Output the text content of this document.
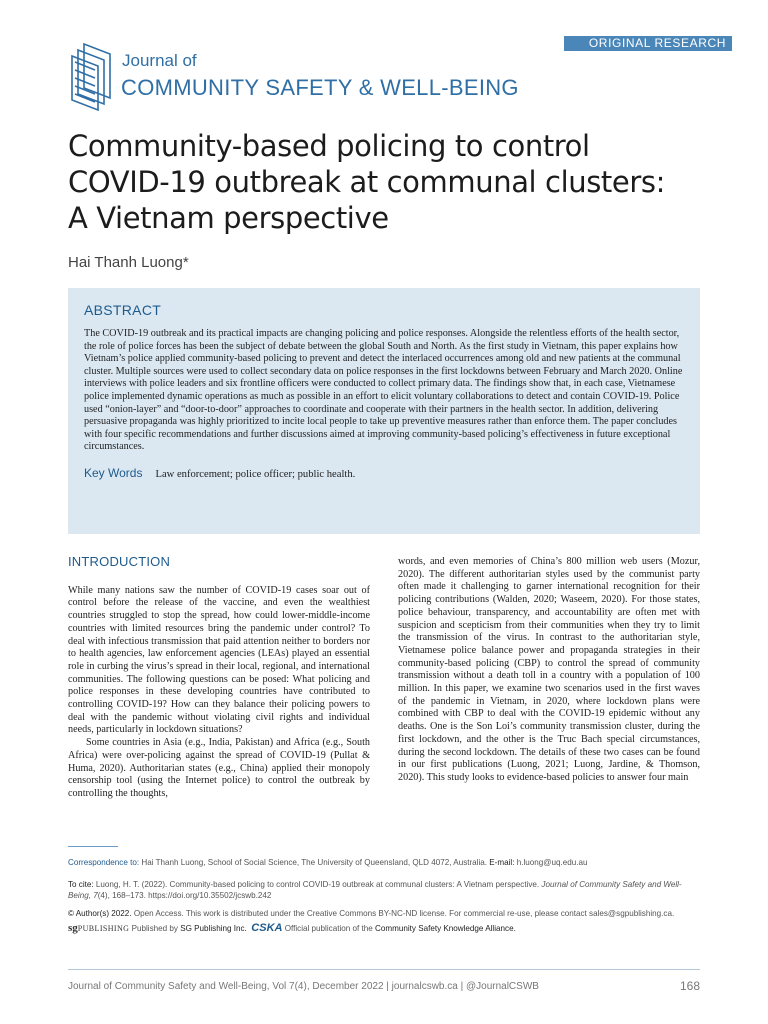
ORIGINAL RESEARCH
Journal of
COMMUNITY SAFETY & WELL-BEING
Community-based policing to control
COVID-19 outbreak at communal clusters:
A Vietnam perspective
Hai Thanh Luong*
ABSTRACT
The COVID-19 outbreak and its practical impacts are changing policing and police responses. Alongside the relentless efforts of the health sector, the role of police forces has been the subject of debate between the global South and North. As the first study in Vietnam, this paper explains how Vietnam’s police applied community-based policing to prevent and detect the interlaced occurrences among old and new patients at the communal cluster. Multiple sources were used to collect secondary data on police responses in the first lockdowns between February and March 2020. Online interviews with police leaders and six frontline officers were conducted to collect primary data. The findings show that, in each case, Vietnamese police implemented dynamic operations as much as possible in an effort to elicit voluntary collaborations to detect and contain COVID-19. Police used “onion-layer” and “door-to-door” approaches to coordinate and cooperate with their partners in the health sector. In addition, delivering persuasive propaganda was highly prioritized to incite local people to take up preventive measures rather than enforce them. The paper concludes with four specific recommendations and further discussions aimed at improving community-based policing’s effectiveness in future exceptional circumstances.
Key Words Law enforcement; police officer; public health.
INTRODUCTION

While many nations saw the number of COVID-19 cases soar out of control before the release of the vaccine, and even the wealthiest countries struggled to stop the spread, how could lower-middle-income countries with limited resources bring the pandemic under control? To deal with infectious transmission that paid attention neither to borders nor to health agencies, law enforcement agencies (LEAs) played an essential role in curbing the virus’s spread in their local, regional, and international communities. The following questions can be posed: What policing and police responses in these developing countries have contributed to controlling COVID-19? How can they balance their policing powers to deal with the pandemic without violating civil rights and individual needs, particularly in lockdown situations?

Some countries in Asia (e.g., India, Pakistan) and Africa (e.g., South Africa) were over-policing against the spread of COVID-19 (Pullat & Huma, 2020). Authoritarian states (e.g., China) applied their monopoly censorship tool (using the Internet police) to control the outbreak by controlling the thoughts,

words, and even memories of China’s 800 million web users (Mozur, 2020). The different authoritarian styles used by the communist party often made it challenging to garner international recognition for their policing contributions (Walden, 2020; Waseem, 2020). For those states, police behaviour, transparency, and accountability are often met with suspicion and scepticism from their communities when they try to limit the transmission of the virus. In contrast to the authoritarian style, Vietnamese police balance power and propaganda strategies in their community-based policing (CBP) to control the spread of community transmission without a death toll in a country with a population of 100 million. In this paper, we examine two scenarios used in the first waves of the pandemic in Vietnam, in 2020, where lockdown plans were combined with CBP to deal with the COVID-19 epidemic without any deaths. One is the Son Loi’s community transmission cluster, during the first lockdown, and the other is the Truc Bach special circumstances, during the second lockdown. The details of these two cases can be found in our first publications (Luong, 2021; Luong, Jardine, & Thomson, 2020). This study looks to evidence-based policies to answer four main

Correspondence to: Hai Thanh Luong, School of Social Science, The University of Queensland, QLD 4072, Australia. E-mail: h.luong@uq.edu.au
To cite: Luong, H. T. (2022). Community-based policing to control COVID-19 outbreak at communal clusters: A Vietnam perspective. Journal of Community Safety and Well-Being, 7(4), 168–173. https://doi.org/10.35502/jcswb.242
© Author(s) 2022. Open Access. This work is distributed under the Creative Commons BY-NC-ND license. For commercial re-use, please contact sales@sgpublishing.ca.
sgPUBLISHING Published by SG Publishing Inc. CSKA Official publication of the Community Safety Knowledge Alliance.
Journal of Community Safety and Well-Being, Vol 7(4), December 2022 | journalcswb.ca | @JournalCSWB	168
